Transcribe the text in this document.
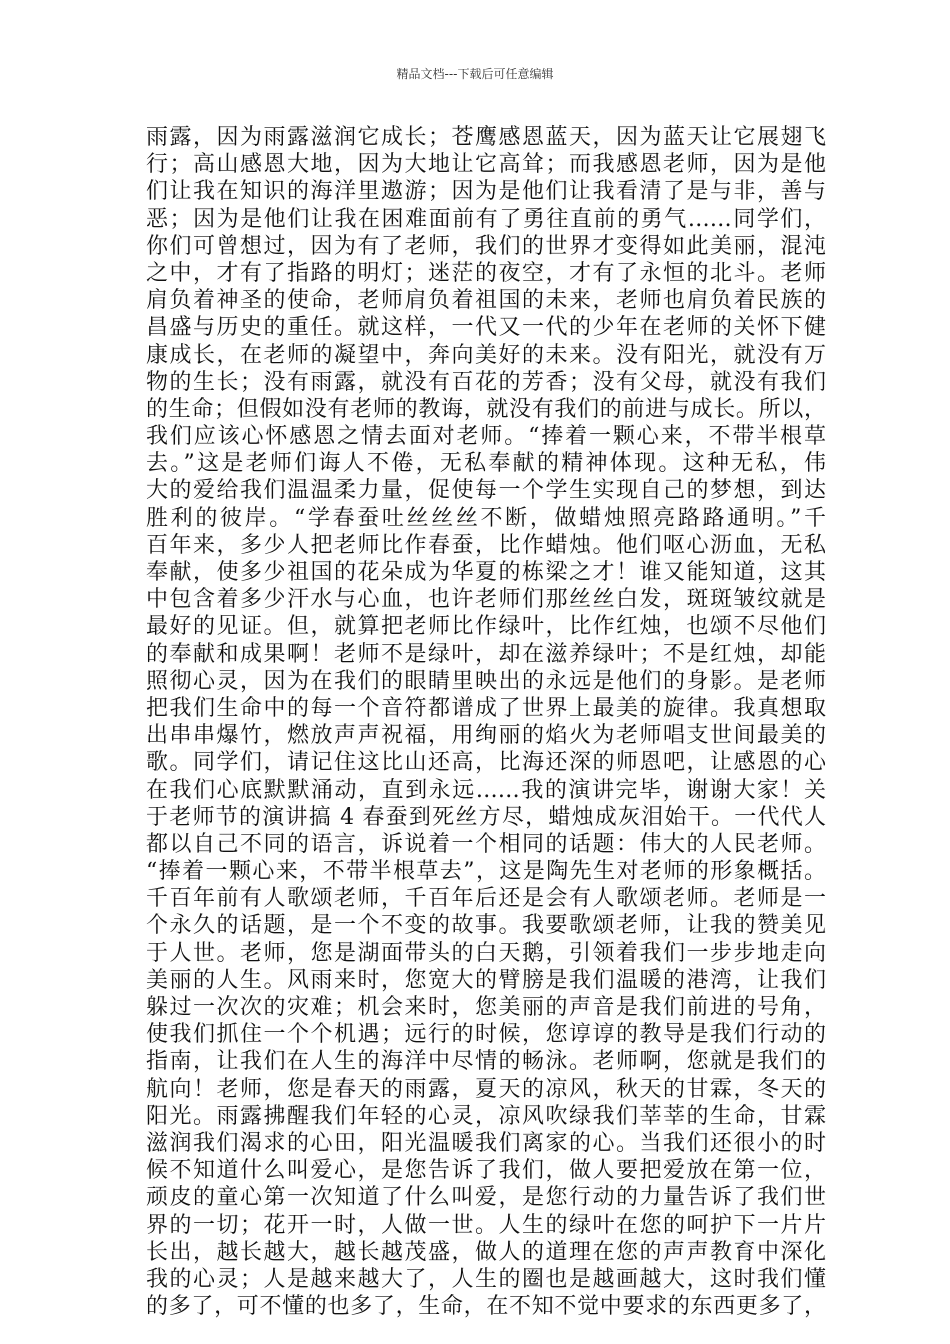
精品文档---下载后可任意编辑
雨露，因为雨露滋润它成长；苍鹰感恩蓝天，因为蓝天让它展翅飞
行；高山感恩大地，因为大地让它高耸；而我感恩老师，因为是他
们让我在知识的海洋里遨游；因为是他们让我看清了是与非，善与
恶；因为是他们让我在困难面前有了勇往直前的勇气……同学们，
你们可曾想过，因为有了老师，我们的世界才变得如此美丽，混沌
之中，才有了指路的明灯；迷茫的夜空，才有了永恒的北斗。老师
肩负着神圣的使命，老师肩负着祖国的未来，老师也肩负着民族的
昌盛与历史的重任。就这样，一代又一代的少年在老师的关怀下健
康成长，在老师的凝望中，奔向美好的未来。没有阳光，就没有万
物的生长；没有雨露，就没有百花的芳香；没有父母，就没有我们
的生命；但假如没有老师的教诲，就没有我们的前进与成长。所以，
我们应该心怀感恩之情去面对老师。“捧着一颗心来，不带半根草
去。”这是老师们诲人不倦，无私奉献的精神体现。这种无私，伟
大的爱给我们温温柔力量，促使每一个学生实现自己的梦想，到达
胜利的彼岸。“学春蚕吐丝丝丝不断，做蜡烛照亮路路通明。”千
百年来，多少人把老师比作春蚕，比作蜡烛。他们呕心沥血，无私
奉献，使多少祖国的花朵成为华夏的栋梁之才！谁又能知道，这其
中包含着多少汗水与心血，也许老师们那丝丝白发，斑斑皱纹就是
最好的见证。但，就算把老师比作绿叶，比作红烛，也颂不尽他们
的奉献和成果啊！老师不是绿叶，却在滋养绿叶；不是红烛，却能
照彻心灵，因为在我们的眼睛里映出的永远是他们的身影。是老师
把我们生命中的每一个音符都谱成了世界上最美的旋律。我真想取
出串串爆竹，燃放声声祝福，用绚丽的焰火为老师唱支世间最美的
歌。同学们，请记住这比山还高，比海还深的师恩吧，让感恩的心
在我们心底默默涌动，直到永远……我的演讲完毕，谢谢大家！关
于老师节的演讲搞 4 春蚕到死丝方尽，蜡烛成灰泪始干。一代代人
都以自己不同的语言，诉说着一个相同的话题：伟大的人民老师。
“捧着一颗心来，不带半根草去”，这是陶先生对老师的形象概括。
千百年前有人歌颂老师，千百年后还是会有人歌颂老师。老师是一
个永久的话题，是一个不变的故事。我要歌颂老师，让我的赞美见
于人世。老师，您是湖面带头的白天鹅，引领着我们一步步地走向
美丽的人生。风雨来时，您宽大的臂膀是我们温暖的港湾，让我们
躲过一次次的灾难；机会来时，您美丽的声音是我们前进的号角，
使我们抓住一个个机遇；远行的时候，您谆谆的教导是我们行动的
指南，让我们在人生的海洋中尽情的畅泳。老师啊，您就是我们的
航向！老师，您是春天的雨露，夏天的凉风，秋天的甘霖，冬天的
阳光。雨露拂醒我们年轻的心灵，凉风吹绿我们莘莘的生命，甘霖
滋润我们渴求的心田，阳光温暖我们离家的心。当我们还很小的时
候不知道什么叫爱心，是您告诉了我们，做人要把爱放在第一位，
顽皮的童心第一次知道了什么叫爱，是您行动的力量告诉了我们世
界的一切；花开一时，人做一世。人生的绿叶在您的呵护下一片片
长出，越长越大，越长越茂盛，做人的道理在您的声声教育中深化
我的心灵；人是越来越大了，人生的圈也是越画越大，这时我们懂
的多了，可不懂的也多了，生命，在不知不觉中要求的东西更多了，
